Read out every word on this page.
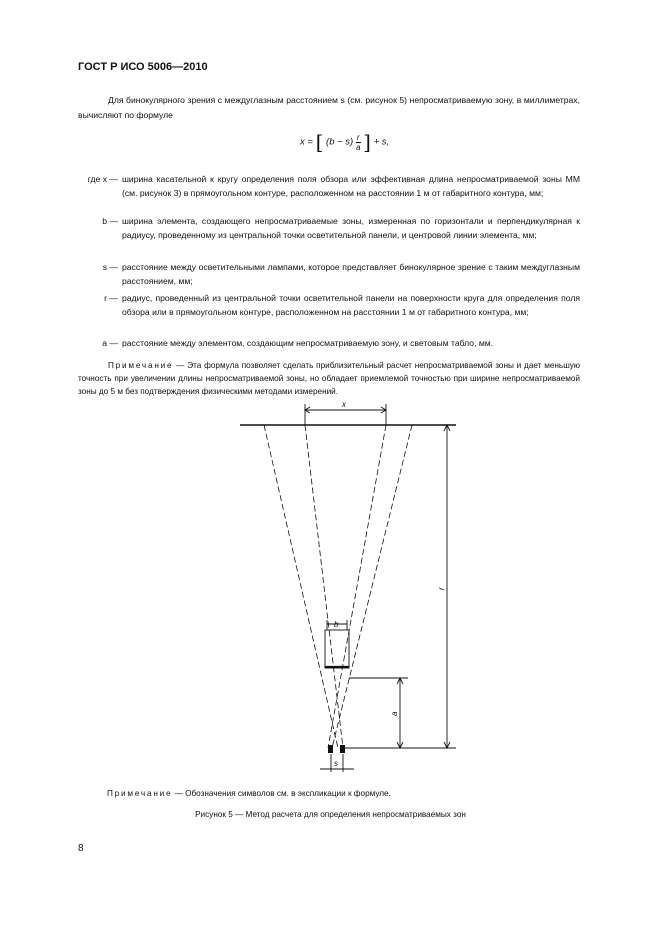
ГОСТ Р ИСО 5006—2010
Для бинокулярного зрения с междуглазным расстоянием s (см. рисунок 5) непросматриваемую зону, в миллиметрах, вычисляют по формуле
x = [ $(b - s) \frac{r}{a}$ ] + s,
где x — ширина касательной к кругу определения поля обзора или эффективная длина непросматриваемой зоны ММ (см. рисунок 3) в прямоугольном контуре, расположенном на расстоянии 1 м от габаритного контура, мм;
b — ширина элемента, создающего непросматриваемые зоны, измеренная по горизонтали и перпендикулярная к радиусу, проведенному из центральной точки осветительной панели, и центровой линии элемента, мм;
s — расстояние между осветительными лампами, которое представляет бинокулярное зрение с таким междуглазным расстоянием, мм;
r — радиус, проведенный из центральной точки осветительной панели на поверхности круга для определения поля обзора или в прямоугольном контуре, расположенном на расстоянии 1 м от габаритного контура, мм;
a — расстояние между элементом, создающим непросматриваемую зону, и световым табло, мм.
Примечание — Эта формула позволяет сделать приблизительный расчет непросматриваемой зоны и дает меньшую точность при увеличении длины непросматриваемой зоны, но обладает приемлемой точностью при ширине непросматриваемой зоны до 5 м без подтверждения физическими методами измерений.
x
b
r
a
s
Примечание — Обозначения символов см. в экспликации к формуле.
Рисунок 5 — Метод расчета для определения непросматриваемых зон
8
